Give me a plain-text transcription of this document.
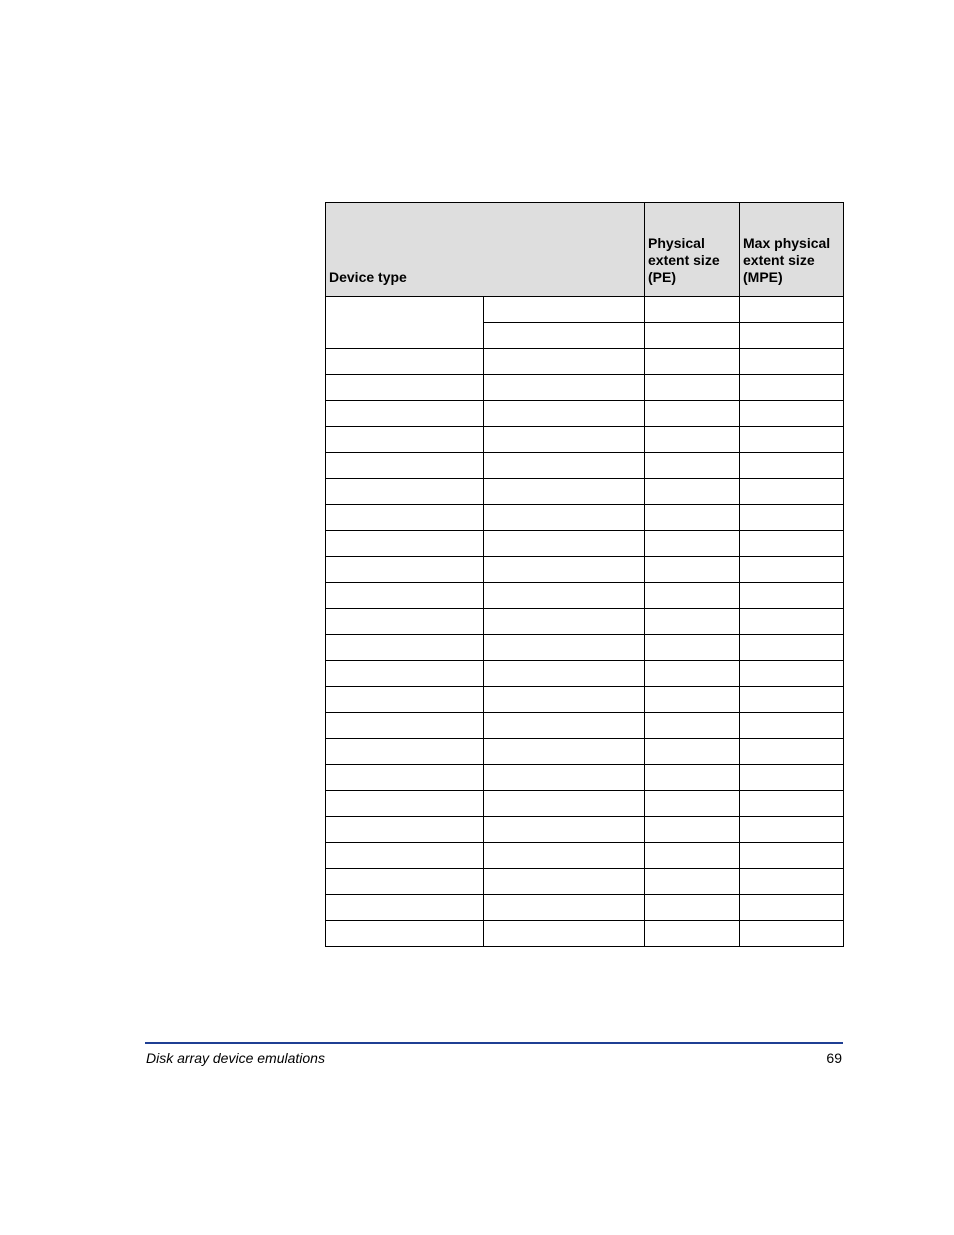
Device type		Physical extent size (PE)	Max physical extent size (MPE)

Disk array device emulations	69
